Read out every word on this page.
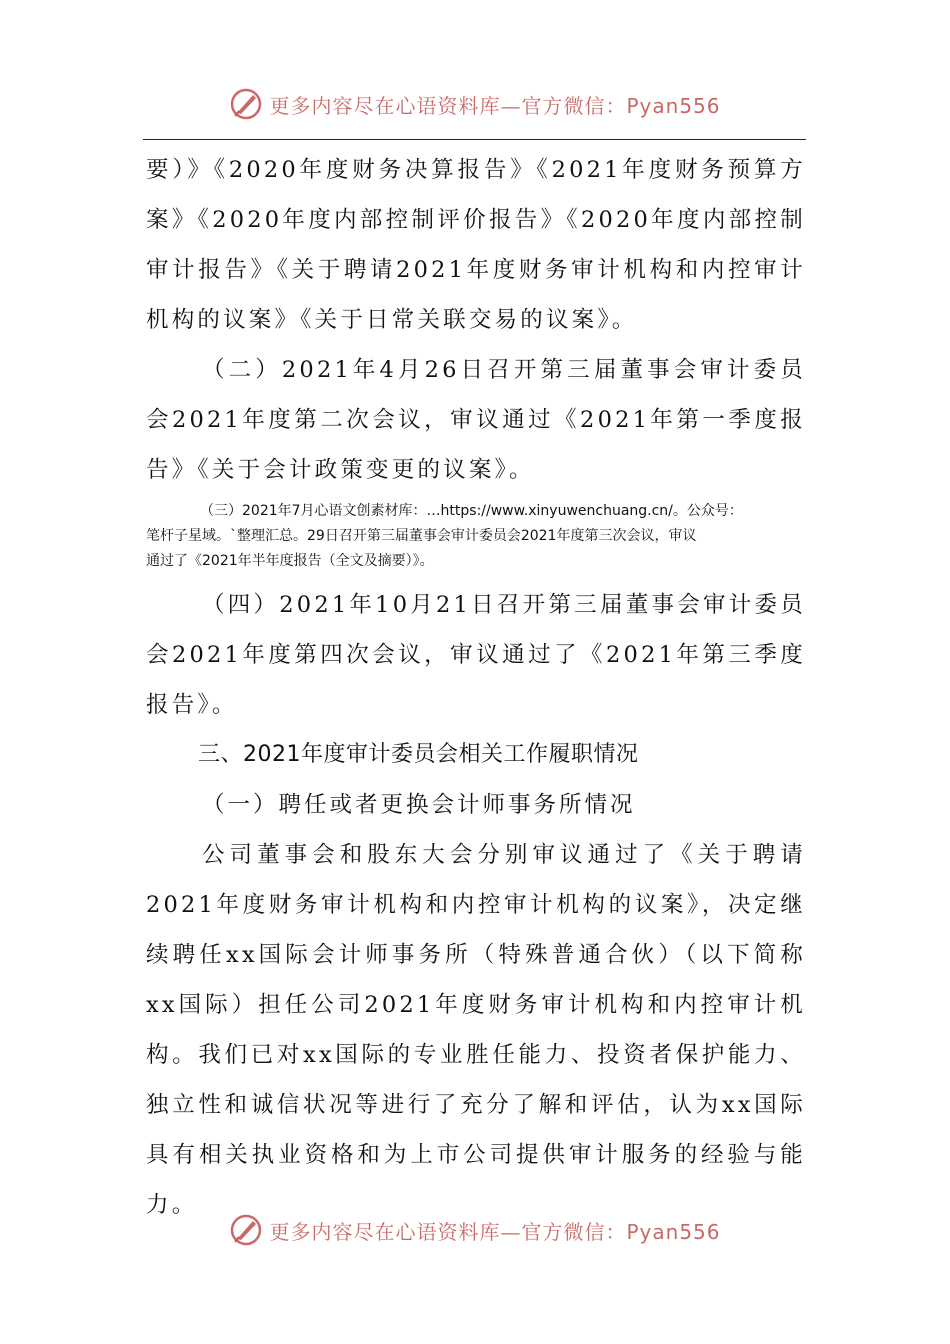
更多内容尽在心语资料库—官方微信：Pyan556

要）》《2020年度财务决算报告》《2021年度财务预算方案》《2020年度内部控制评价报告》《2020年度内部控制审计报告》《关于聘请2021年度财务审计机构和内控审计机构的议案》《关于日常关联交易的议案》。

（二）2021年4月26日召开第三届董事会审计委员会2021年度第二次会议，审议通过《2021年第一季度报告》《关于会计政策变更的议案》。

（三）2021年7月心语文创素材库：…https://www.xinyuwenchuang.cn/。公众号：
笔杆子星域。`整理汇总。29日召开第三届董事会审计委员会2021年度第三次会议，审议
通过了《2021年半年度报告（全文及摘要）》。

（四）2021年10月21日召开第三届董事会审计委员会2021年度第四次会议，审议通过了《2021年第三季度报告》。

三、2021年度审计委员会相关工作履职情况

（一）聘任或者更换会计师事务所情况

公司董事会和股东大会分别审议通过了《关于聘请2021年度财务审计机构和内控审计机构的议案》，决定继续聘任xx国际会计师事务所（特殊普通合伙）（以下简称xx国际）担任公司2021年度财务审计机构和内控审计机构。我们已对xx国际的专业胜任能力、投资者保护能力、独立性和诚信状况等进行了充分了解和评估，认为xx国际具有相关执业资格和为上市公司提供审计服务的经验与能力。

更多内容尽在心语资料库—官方微信：Pyan556
